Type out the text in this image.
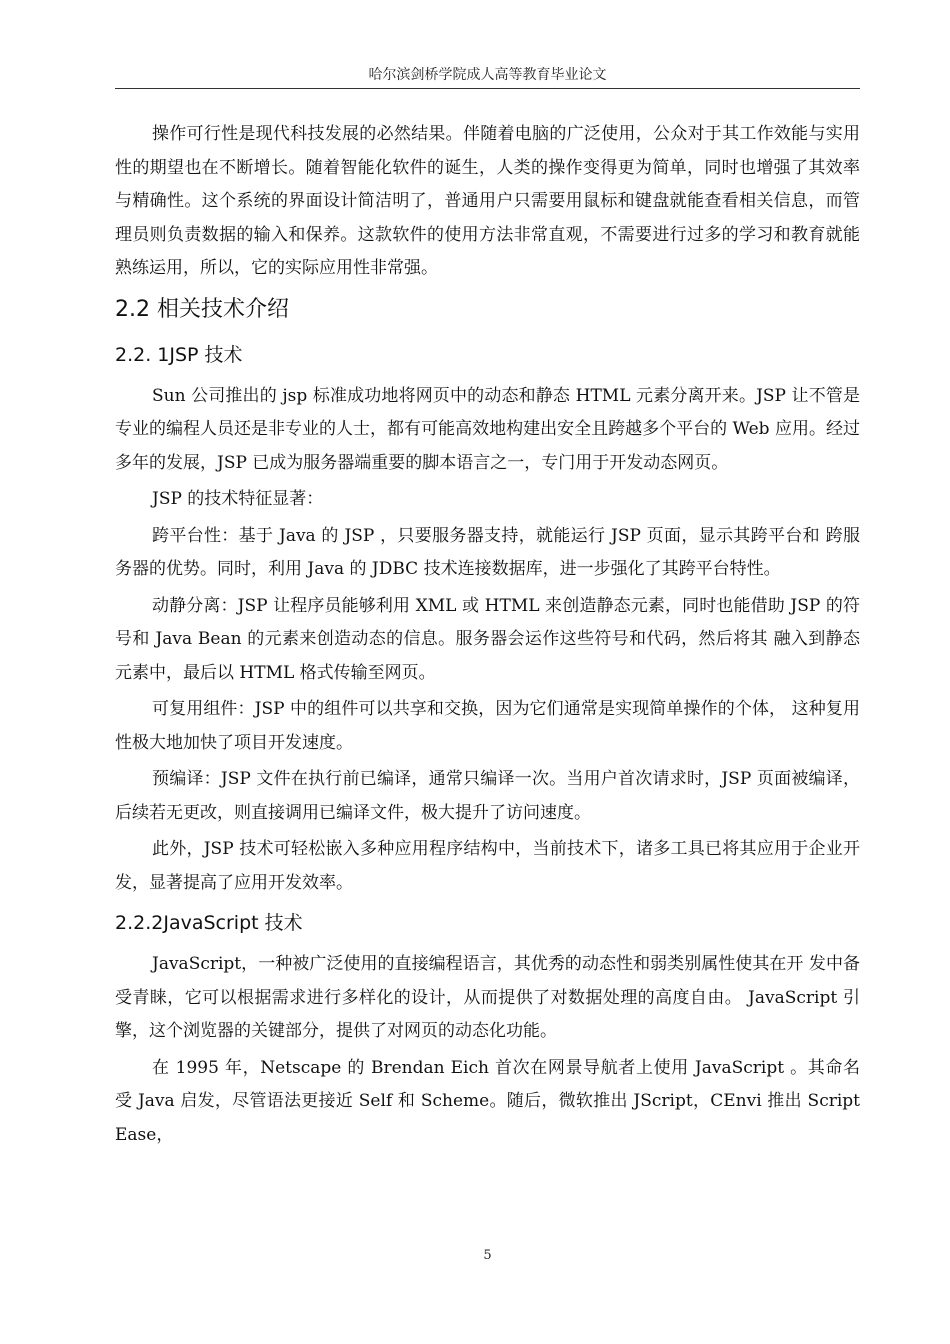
哈尔滨剑桥学院成人高等教育毕业论文

操作可行性是现代科技发展的必然结果。伴随着电脑的广泛使用，公众对于其工作效能与实用性的期望也在不断增长。随着智能化软件的诞生，人类的操作变得更为简单，同时也增强了其效率与精确性。这个系统的界面设计简洁明了，普通用户只需要用鼠标和键盘就能查看相关信息，而管理员则负责数据的输入和保养。这款软件的使用方法非常直观，不需要进行过多的学习和教育就能熟练运用，所以，它的实际应用性非常强。

2.2 相关技术介绍
2.2. 1JSP 技术

Sun 公司推出的 jsp 标准成功地将网页中的动态和静态 HTML 元素分离开来。JSP 让不管是专业的编程人员还是非专业的人士，都有可能高效地构建出安全且跨越多个平台的 Web 应用。经过多年的发展，JSP 已成为服务器端重要的脚本语言之一，专门用于开发动态网页。

JSP 的技术特征显著：

跨平台性：基于 Java 的 JSP ，只要服务器支持，就能运行 JSP 页面，显示其跨平台和 跨服务器的优势。同时，利用 Java 的 JDBC 技术连接数据库，进一步强化了其跨平台特性。

动静分离：JSP 让程序员能够利用 XML 或 HTML 来创造静态元素，同时也能借助 JSP 的符号和 Java Bean 的元素来创造动态的信息。服务器会运作这些符号和代码，然后将其 融入到静态元素中，最后以 HTML 格式传输至网页。

可复用组件：JSP 中的组件可以共享和交换，因为它们通常是实现简单操作的个体， 这种复用性极大地加快了项目开发速度。

预编译：JSP 文件在执行前已编译，通常只编译一次。当用户首次请求时，JSP 页面被编译，后续若无更改，则直接调用已编译文件，极大提升了访问速度。

此外，JSP 技术可轻松嵌入多种应用程序结构中，当前技术下，诸多工具已将其应用于企业开发，显著提高了应用开发效率。

2.2.2JavaScript 技术

JavaScript，一种被广泛使用的直接编程语言，其优秀的动态性和弱类别属性使其在开 发中备受青睐，它可以根据需求进行多样化的设计，从而提供了对数据处理的高度自由。 JavaScript 引擎，这个浏览器的关键部分，提供了对网页的动态化功能。

在 1995 年，Netscape 的 Brendan Eich 首次在网景导航者上使用 JavaScript 。其命名受 Java 启发，尽管语法更接近 Self 和 Scheme。随后，微软推出 JScript，CEnvi 推出 Script Ease，

5
